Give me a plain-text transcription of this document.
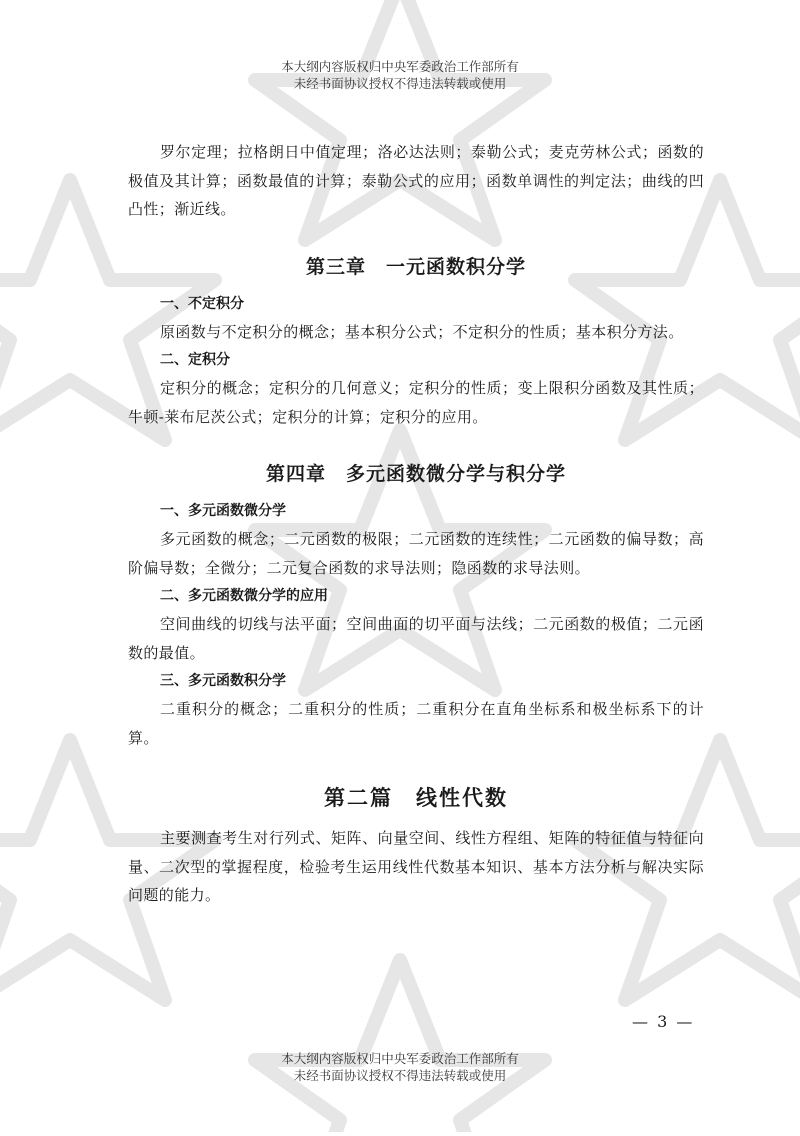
本大纲内容版权归中央军委政治工作部所有
未经书面协议授权不得违法转载或使用

罗尔定理；拉格朗日中值定理；洛必达法则；泰勒公式；麦克劳林公式；函数的极值及其计算；函数最值的计算；泰勒公式的应用；函数单调性的判定法；曲线的凹凸性；渐近线。

第三章　一元函数积分学
一、不定积分

原函数与不定积分的概念；基本积分公式；不定积分的性质；基本积分方法。

二、定积分

定积分的概念；定积分的几何意义；定积分的性质；变上限积分函数及其性质；牛顿-莱布尼茨公式；定积分的计算；定积分的应用。

第四章　多元函数微分学与积分学
一、多元函数微分学

多元函数的概念；二元函数的极限；二元函数的连续性；二元函数的偏导数；高阶偏导数；全微分；二元复合函数的求导法则；隐函数的求导法则。

二、多元函数微分学的应用

空间曲线的切线与法平面；空间曲面的切平面与法线；二元函数的极值；二元函数的最值。

三、多元函数积分学

二重积分的概念；二重积分的性质；二重积分在直角坐标系和极坐标系下的计算。

第二篇　线性代数

主要测查考生对行列式、矩阵、向量空间、线性方程组、矩阵的特征值与特征向量、二次型的掌握程度，检验考生运用线性代数基本知识、基本方法分析与解决实际问题的能力。

— 3 —
本大纲内容版权归中央军委政治工作部所有
未经书面协议授权不得违法转载或使用
